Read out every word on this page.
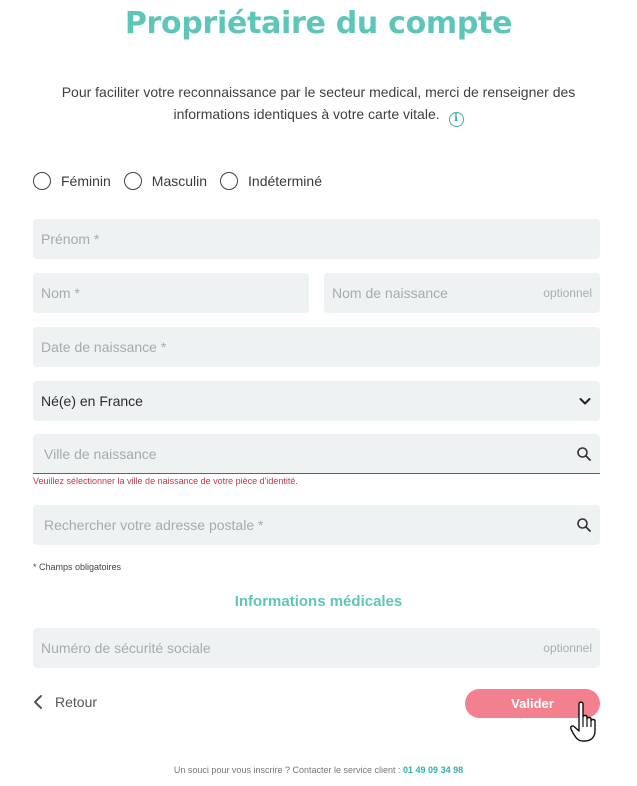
Propriétaire du compte
Pour faciliter votre reconnaissance par le secteur medical, merci de renseigner des informations identiques à votre carte vitale. i
Féminin	Masculin	Indéterminé
Prénom *
Nom *	Nom de naissance	optionnel
Date de naissance *
Né(e) en France
Ville de naissance
Veuillez sélectionner la ville de naissance de votre pièce d'identité.
Rechercher votre adresse postale *
* Champs obligatoires
Informations médicales
Numéro de sécurité sociale	optionnel
Retour	Valider
Un souci pour vous inscrire ? Contacter le service client : 01 49 09 34 98
